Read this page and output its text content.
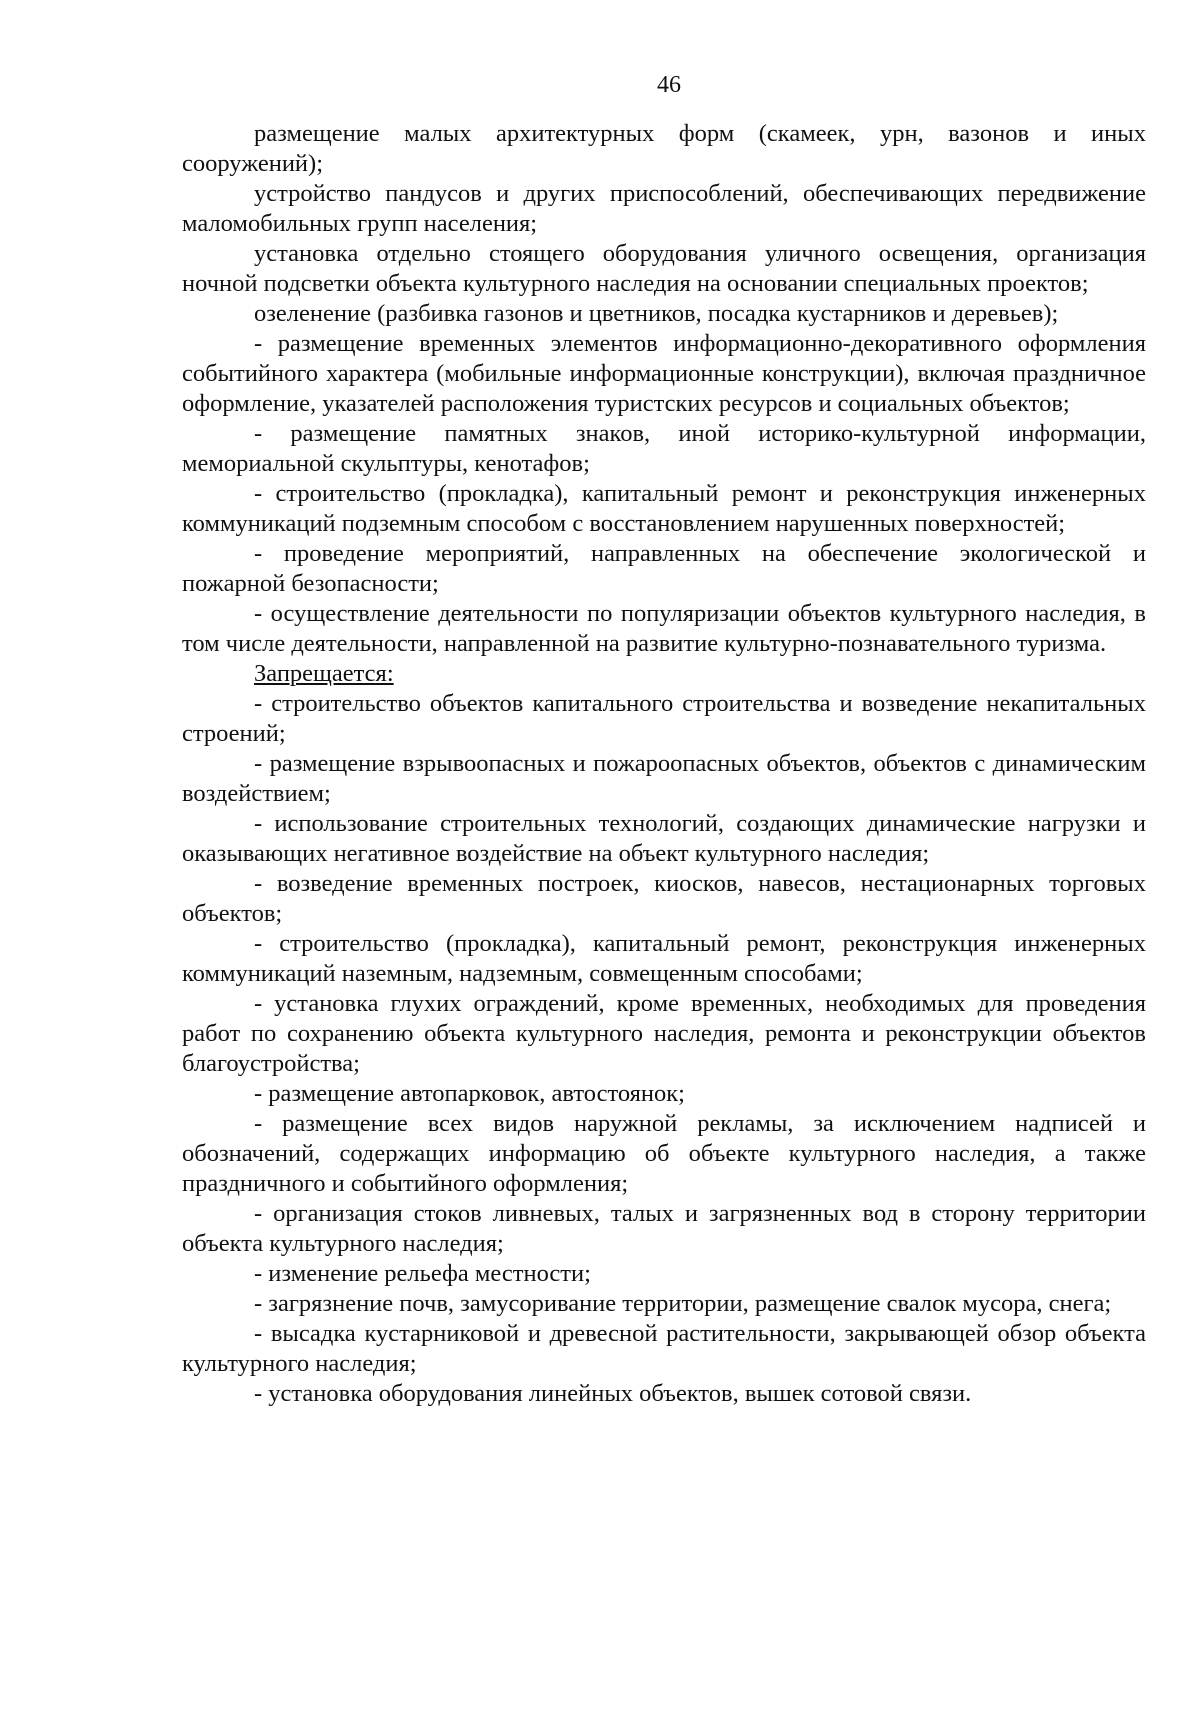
46

размещение малых архитектурных форм (скамеек, урн, вазонов и иных сооружений);

устройство пандусов и других приспособлений, обеспечивающих передвижение маломобильных групп населения;

установка отдельно стоящего оборудования уличного освещения, организация ночной подсветки объекта культурного наследия на основании специальных проектов;

озеленение (разбивка газонов и цветников, посадка кустарников и деревьев);

- размещение временных элементов информационно-декоративного оформления событийного характера (мобильные информационные конструкции), включая праздничное оформление, указателей расположения туристских ресурсов и социальных объектов;

- размещение памятных знаков, иной историко-культурной информации, мемориальной скульптуры, кенотафов;

- строительство (прокладка), капитальный ремонт и реконструкция инженерных коммуникаций подземным способом с восстановлением нарушенных поверхностей;

- проведение мероприятий, направленных на обеспечение экологической и пожарной безопасности;

- осуществление деятельности по популяризации объектов культурного наследия, в том числе деятельности, направленной на развитие культурно-познавательного туризма.

Запрещается:

- строительство объектов капитального строительства и возведение некапитальных строений;

- размещение взрывоопасных и пожароопасных объектов, объектов с динамическим воздействием;

- использование строительных технологий, создающих динамические нагрузки и оказывающих негативное воздействие на объект культурного наследия;

- возведение временных построек, киосков, навесов, нестационарных торговых объектов;

- строительство (прокладка), капитальный ремонт, реконструкция инженерных коммуникаций наземным, надземным, совмещенным способами;

- установка глухих ограждений, кроме временных, необходимых для проведения работ по сохранению объекта культурного наследия, ремонта и реконструкции объектов благоустройства;

- размещение автопарковок, автостоянок;

- размещение всех видов наружной рекламы, за исключением надписей и обозначений, содержащих информацию об объекте культурного наследия, а также праздничного и событийного оформления;

- организация стоков ливневых, талых и загрязненных вод в сторону территории объекта культурного наследия;

- изменение рельефа местности;

- загрязнение почв, замусоривание территории, размещение свалок мусора, снега;

- высадка кустарниковой и древесной растительности, закрывающей обзор объекта культурного наследия;

- установка оборудования линейных объектов, вышек сотовой связи.
